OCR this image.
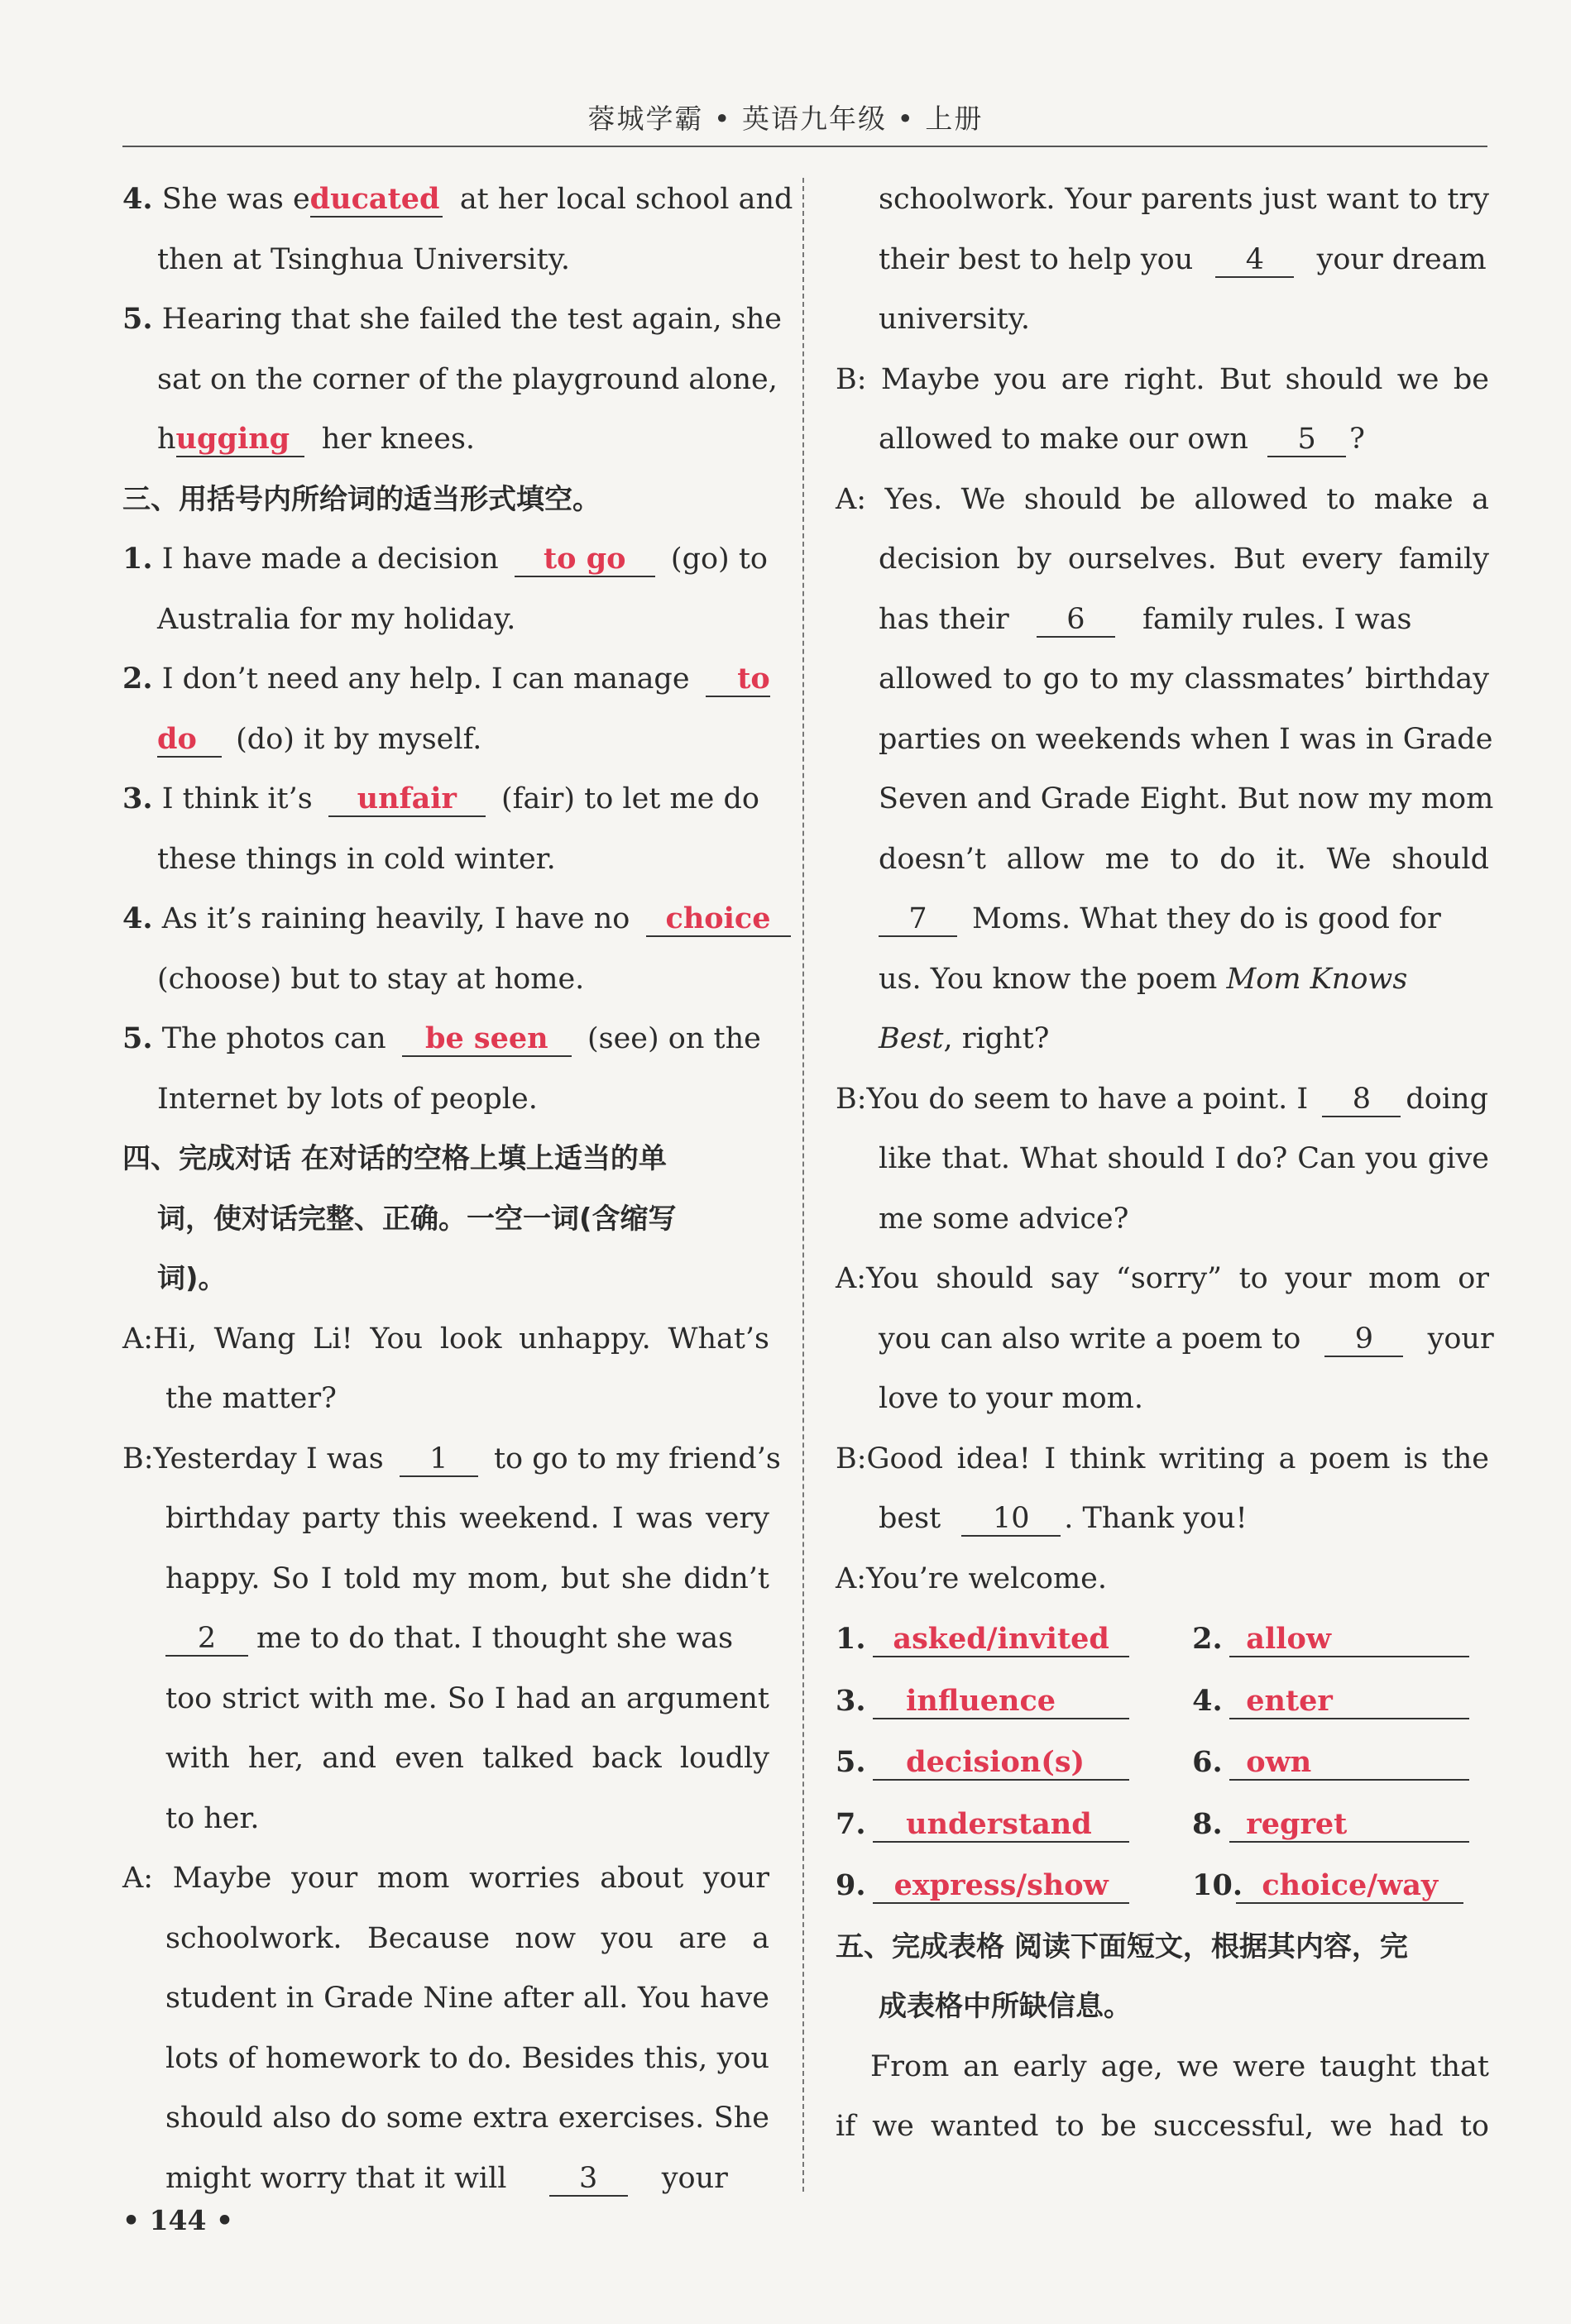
蓉城学霸 • 英语九年级 • 上册
4. She was educated at her local school and
then at Tsinghua University.
5. Hearing that she failed the test again, she
sat on the corner of the playground alone,
hugging her knees.
三、用括号内所给词的适当形式填空。
1. I have made a decision to go (go) to
Australia for my holiday.
2. I don’t need any help. I can manage to
do (do) it by myself.
3. I think it’s unfair (fair) to let me do
these things in cold winter.
4. As it’s raining heavily, I have no choice
(choose) but to stay at home.
5. The photos can be seen (see) on the
Internet by lots of people.
四、完成对话 在对话的空格上填上适当的单
词，使对话完整、正确。一空一词(含缩写
词)。
A:Hi, Wang Li! You look unhappy. What’s
the matter?
B:Yesterday I was 1 to go to my friend’s
birthday party this weekend. I was very
happy. So I told my mom, but she didn’t
2 me to do that. I thought she was
too strict with me. So I had an argument
with her, and even talked back loudly
to her.
A: Maybe your mom worries about your
schoolwork. Because now you are a
student in Grade Nine after all. You have
lots of homework to do. Besides this, you
should also do some extra exercises. She
might worry that it will	3 your
schoolwork. Your parents just want to try
their best to help you 4 your dream
university.
B: Maybe you are right. But should we be
allowed to make our own 5 ?
A: Yes. We should be allowed to make a
decision by ourselves. But every family
has their 6 family rules. I was
allowed to go to my classmates’ birthday
parties on weekends when I was in Grade
Seven and Grade Eight. But now my mom
doesn’t allow me to do it. We should
7 Moms. What they do is good for
us. You know the poem Mom Knows
Best, right?
B:You do seem to have a point. I 8 doing
like that. What should I do? Can you give
me some advice?
A:You should say “sorry” to your mom or
you can also write a poem to 9 your
love to your mom.
B:Good idea! I think writing a poem is the
best 10 . Thank you!
A:You’re welcome.
1. asked/invited	2. allow
3. influence	4. enter
5. decision(s)	6. own
7. understand	8. regret
9. express/show	10. choice/way
五、完成表格 阅读下面短文，根据其内容，完
成表格中所缺信息。
From an early age, we were taught that
if we wanted to be successful, we had to
• 144 •
